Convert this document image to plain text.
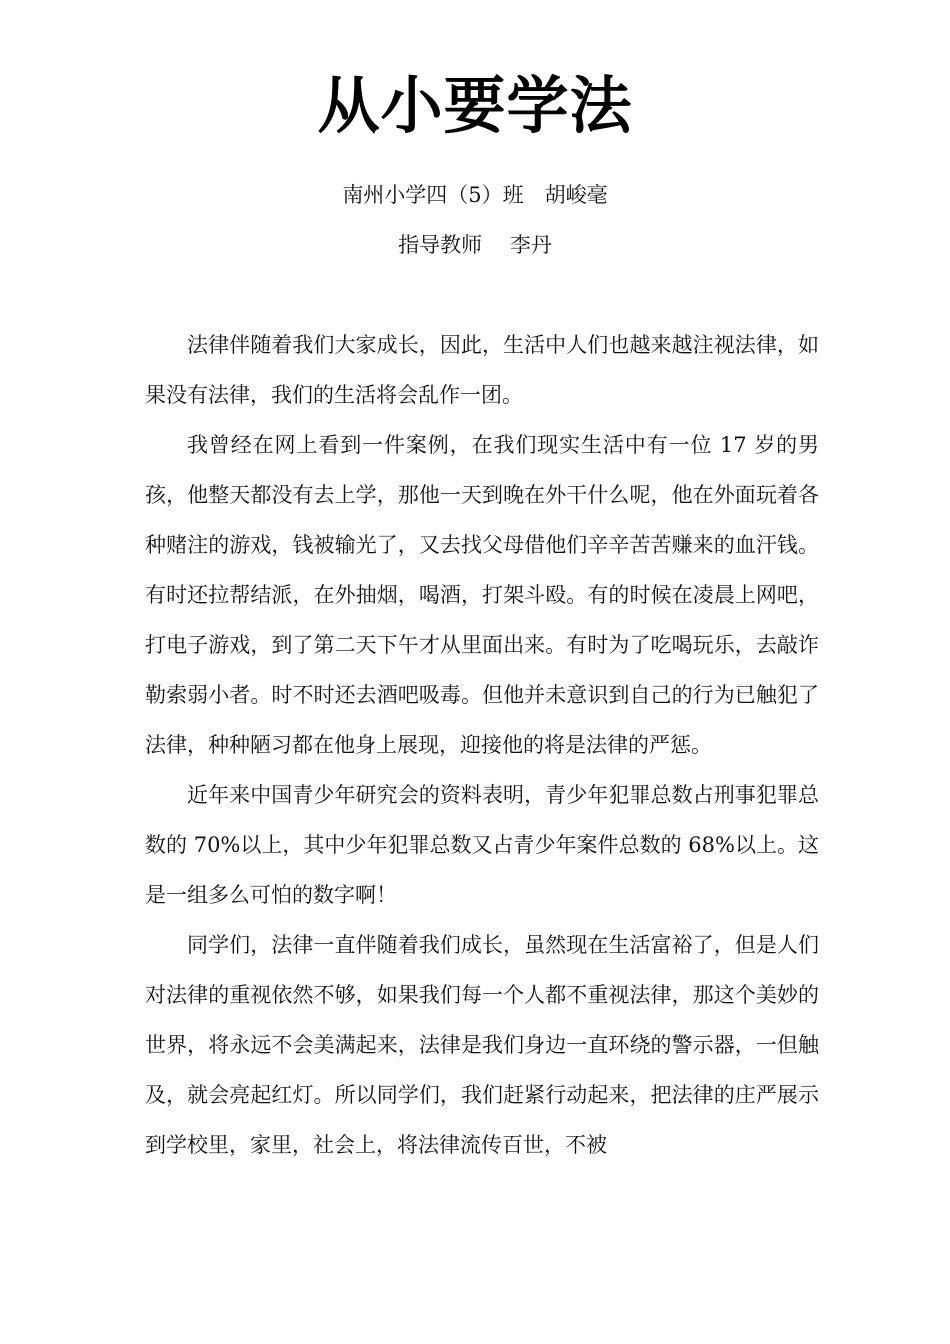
从小要学法
南州小学四（5）班　胡峻毫
指导教师　 李丹

法律伴随着我们大家成长，因此，生活中人们也越来越注视法律，如果没有法律，我们的生活将会乱作一团。

我曾经在网上看到一件案例，在我们现实生活中有一位 17 岁的男孩，他整天都没有去上学，那他一天到晚在外干什么呢，他在外面玩着各种赌注的游戏，钱被输光了，又去找父母借他们辛辛苦苦赚来的血汗钱。有时还拉帮结派，在外抽烟，喝酒，打架斗殴。有的时候在凌晨上网吧，打电子游戏，到了第二天下午才从里面出来。有时为了吃喝玩乐，去敲诈勒索弱小者。时不时还去酒吧吸毒。但他并未意识到自己的行为已触犯了法律，种种陋习都在他身上展现，迎接他的将是法律的严惩。

近年来中国青少年研究会的资料表明，青少年犯罪总数占刑事犯罪总数的 70%以上，其中少年犯罪总数又占青少年案件总数的 68%以上。这是一组多么可怕的数字啊！

同学们，法律一直伴随着我们成长，虽然现在生活富裕了，但是人们对法律的重视依然不够，如果我们每一个人都不重视法律，那这个美妙的世界，将永远不会美满起来，法律是我们身边一直环绕的警示器，一但触及，就会亮起红灯。所以同学们，我们赶紧行动起来，把法律的庄严展示到学校里，家里，社会上，将法律流传百世，不被
